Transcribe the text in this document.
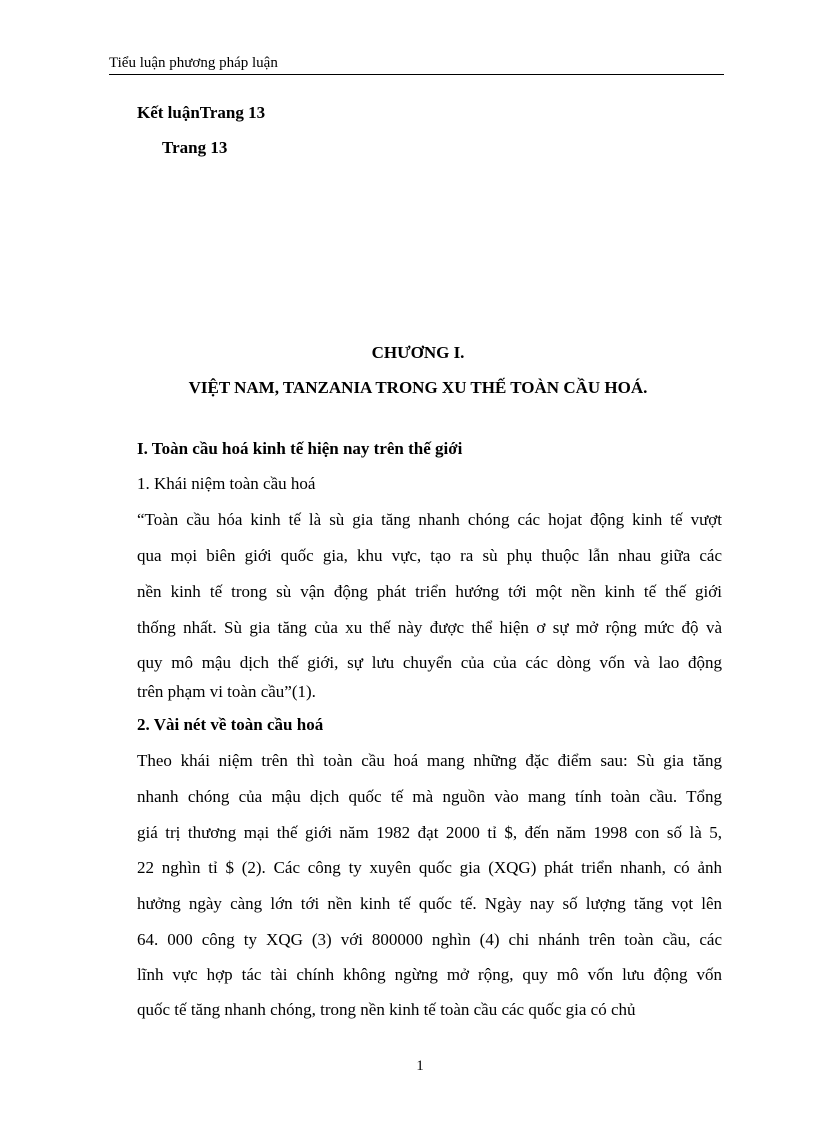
Tiểu luận phương pháp luận
Kết luậnTrang 13
Trang 13
CHƯƠNG I.
VIỆT NAM, TANZANIA TRONG XU THẾ TOÀN CẦU HOÁ.
I. Toàn cầu hoá kinh tế hiện nay trên thế giới
1. Khái niệm toàn cầu hoá
“Toàn cầu hóa kinh tế là sù gia tăng nhanh chóng các hojat động kinh tế vượt
qua mọi biên giới quốc gia, khu vực, tạo ra sù phụ thuộc lẫn nhau giữa các
nền kinh tế trong sù vận động phát triển hướng tới một nền kinh tế thế giới
thống nhất. Sù gia tăng của xu thế này được thể hiện ơ sự mở rộng mức độ và
quy mô mậu dịch thế giới, sự lưu chuyển của của các dòng vốn và lao động
trên phạm vi toàn cầu”(1).
2. Vài nét về toàn cầu hoá
Theo khái niệm trên thì toàn cầu hoá mang những đặc điểm sau: Sù gia tăng
nhanh chóng của mậu dịch quốc tế mà nguồn vào mang tính toàn cầu. Tổng
giá trị thương mại thế giới năm 1982 đạt 2000 tỉ $, đến năm 1998 con số là 5,
22 nghìn tỉ $ (2). Các công ty xuyên quốc gia (XQG) phát triển nhanh, có ảnh
hưởng ngày càng lớn tới nền kinh tế quốc tế. Ngày nay số lượng tăng vọt lên
64. 000 công ty XQG (3) với 800000 nghìn (4) chi nhánh trên toàn cầu, các
lĩnh vực hợp tác tài chính không ngừng mở rộng, quy mô vốn lưu động vốn
quốc tế tăng nhanh chóng, trong nền kinh tế toàn cầu các quốc gia có chủ
1
